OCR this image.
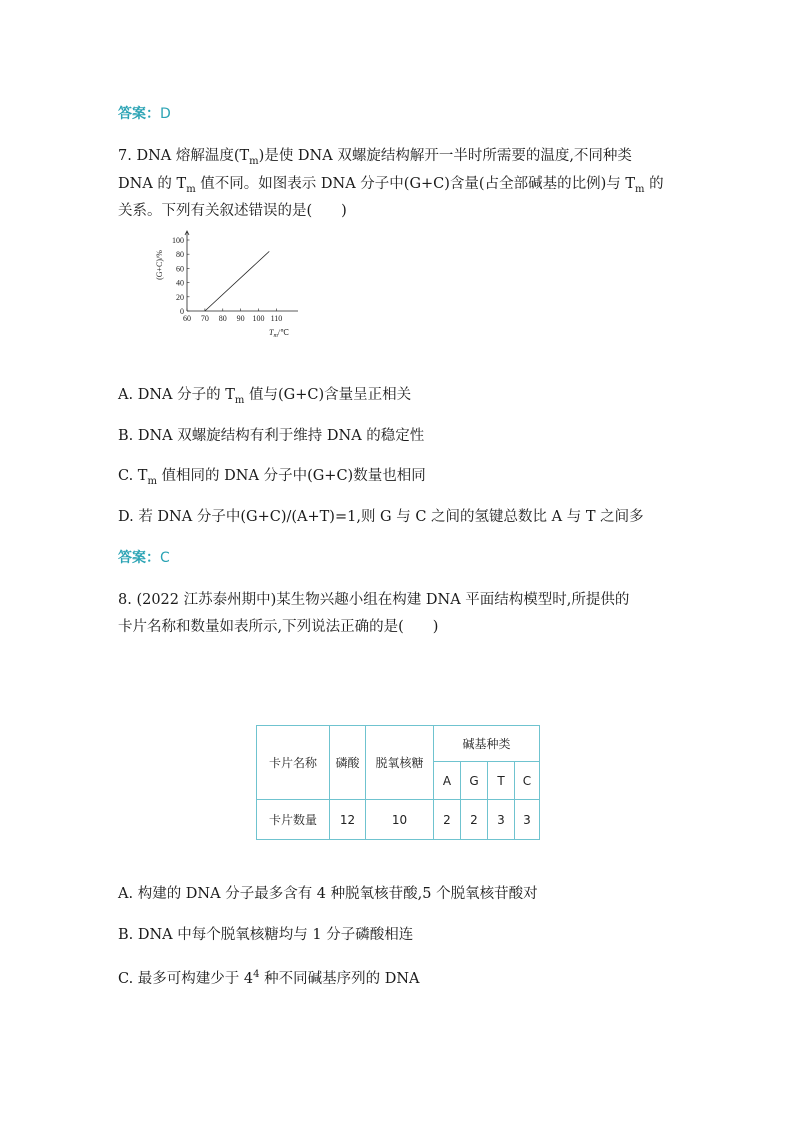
答案：D
7. DNA 熔解温度$(T_m)$是使 DNA 双螺旋结构解开一半时所需要的温度,不同种类
DNA 的 $T_m$ 值不同。如图表示 DNA 分子中(G+C)含量(占全部碱基的比例)与 $T_m$ 的
关系。下列有关叙述错误的是(　　)
0
20
40
60
80
100
60 70 80 90 100 110
(G+C)/%
$T_m/℃$
A. DNA 分子的 $T_m$ 值与(G+C)含量呈正相关
B. DNA 双螺旋结构有利于维持 DNA 的稳定性
C. $T_m$ 值相同的 DNA 分子中(G+C)数量也相同
D. 若 DNA 分子中(G+C)/(A+T)=1,则 G 与 C 之间的氢键总数比 A 与 T 之间多
答案：C
8. (2022 江苏泰州期中)某生物兴趣小组在构建 DNA 平面结构模型时,所提供的
卡片名称和数量如表所示,下列说法正确的是(　　)
卡片名称	磷酸	脱氧核糖	碱基种类			
			A	G	T	C
卡片数量	12	10	2	2	3	3
A. 构建的 DNA 分子最多含有 4 种脱氧核苷酸,5 个脱氧核苷酸对
B. DNA 中每个脱氧核糖均与 1 分子磷酸相连
C. 最多可构建少于 $4^4$ 种不同碱基序列的 DNA
